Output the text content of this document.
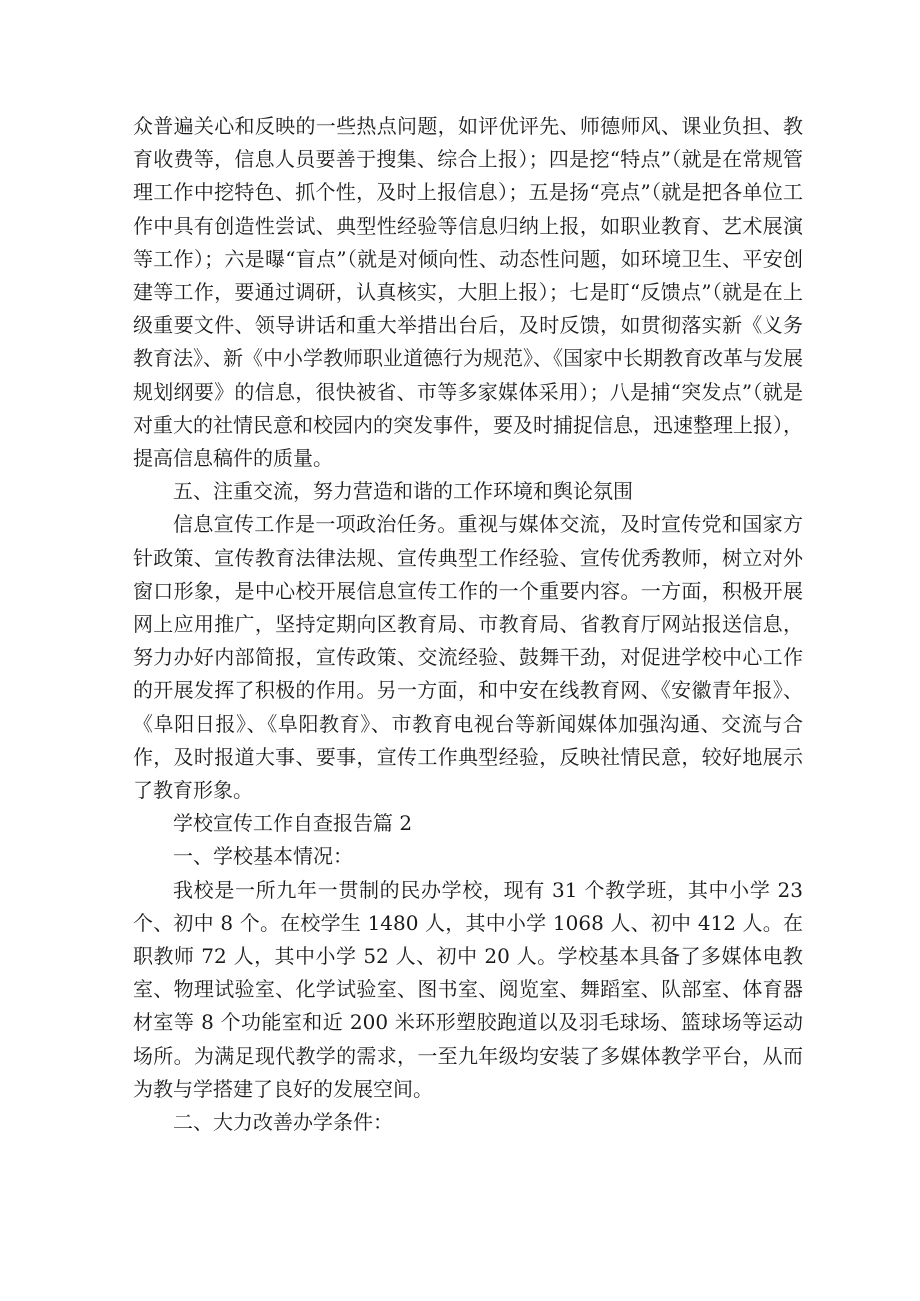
众普遍关心和反映的一些热点问题，如评优评先、师德师风、课业负担、教育收费等，信息人员要善于搜集、综合上报）；四是挖“特点”（就是在常规管理工作中挖特色、抓个性，及时上报信息）；五是扬“亮点”（就是把各单位工作中具有创造性尝试、典型性经验等信息归纳上报，如职业教育、艺术展演等工作）；六是曝“盲点”（就是对倾向性、动态性问题，如环境卫生、平安创建等工作，要通过调研，认真核实，大胆上报）；七是盯“反馈点”（就是在上级重要文件、领导讲话和重大举措出台后，及时反馈，如贯彻落实新《义务教育法》、新《中小学教师职业道德行为规范》、《国家中长期教育改革与发展规划纲要》的信息，很快被省、市等多家媒体采用）；八是捕“突发点”（就是对重大的社情民意和校园内的突发事件，要及时捕捉信息，迅速整理上报），提高信息稿件的质量。

五、注重交流，努力营造和谐的工作环境和舆论氛围

信息宣传工作是一项政治任务。重视与媒体交流，及时宣传党和国家方针政策、宣传教育法律法规、宣传典型工作经验、宣传优秀教师，树立对外窗口形象，是中心校开展信息宣传工作的一个重要内容。一方面，积极开展网上应用推广，坚持定期向区教育局、市教育局、省教育厅网站报送信息，努力办好内部简报，宣传政策、交流经验、鼓舞干劲，对促进学校中心工作的开展发挥了积极的作用。另一方面，和中安在线教育网、《安徽青年报》、《阜阳日报》、《阜阳教育》、市教育电视台等新闻媒体加强沟通、交流与合作，及时报道大事、要事，宣传工作典型经验，反映社情民意，较好地展示了教育形象。

学校宣传工作自查报告篇 2

一、学校基本情况：

我校是一所九年一贯制的民办学校，现有 31 个教学班，其中小学 23 个、初中 8 个。在校学生 1480 人，其中小学 1068 人、初中 412 人。在职教师 72 人，其中小学 52 人、初中 20 人。学校基本具备了多媒体电教室、物理试验室、化学试验室、图书室、阅览室、舞蹈室、队部室、体育器材室等 8 个功能室和近 200 米环形塑胶跑道以及羽毛球场、篮球场等运动场所。为满足现代教学的需求，一至九年级均安装了多媒体教学平台，从而为教与学搭建了良好的发展空间。

二、大力改善办学条件：
